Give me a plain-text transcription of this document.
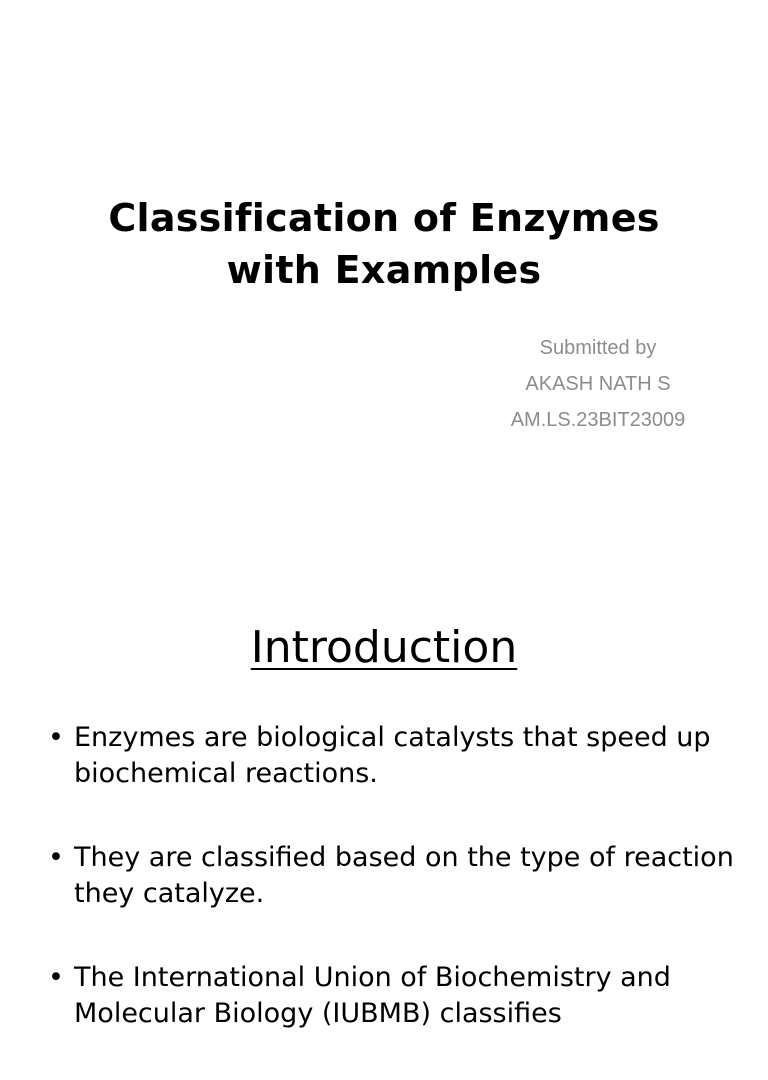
Classification of Enzymes
with Examples
Submitted by
AKASH NATH S
AM.LS.23BIT23009
Introduction
• Enzymes are biological catalysts that speed up biochemical reactions.
• They are classified based on the type of reaction they catalyze.
• The International Union of Biochemistry and Molecular Biology (IUBMB) classifies
